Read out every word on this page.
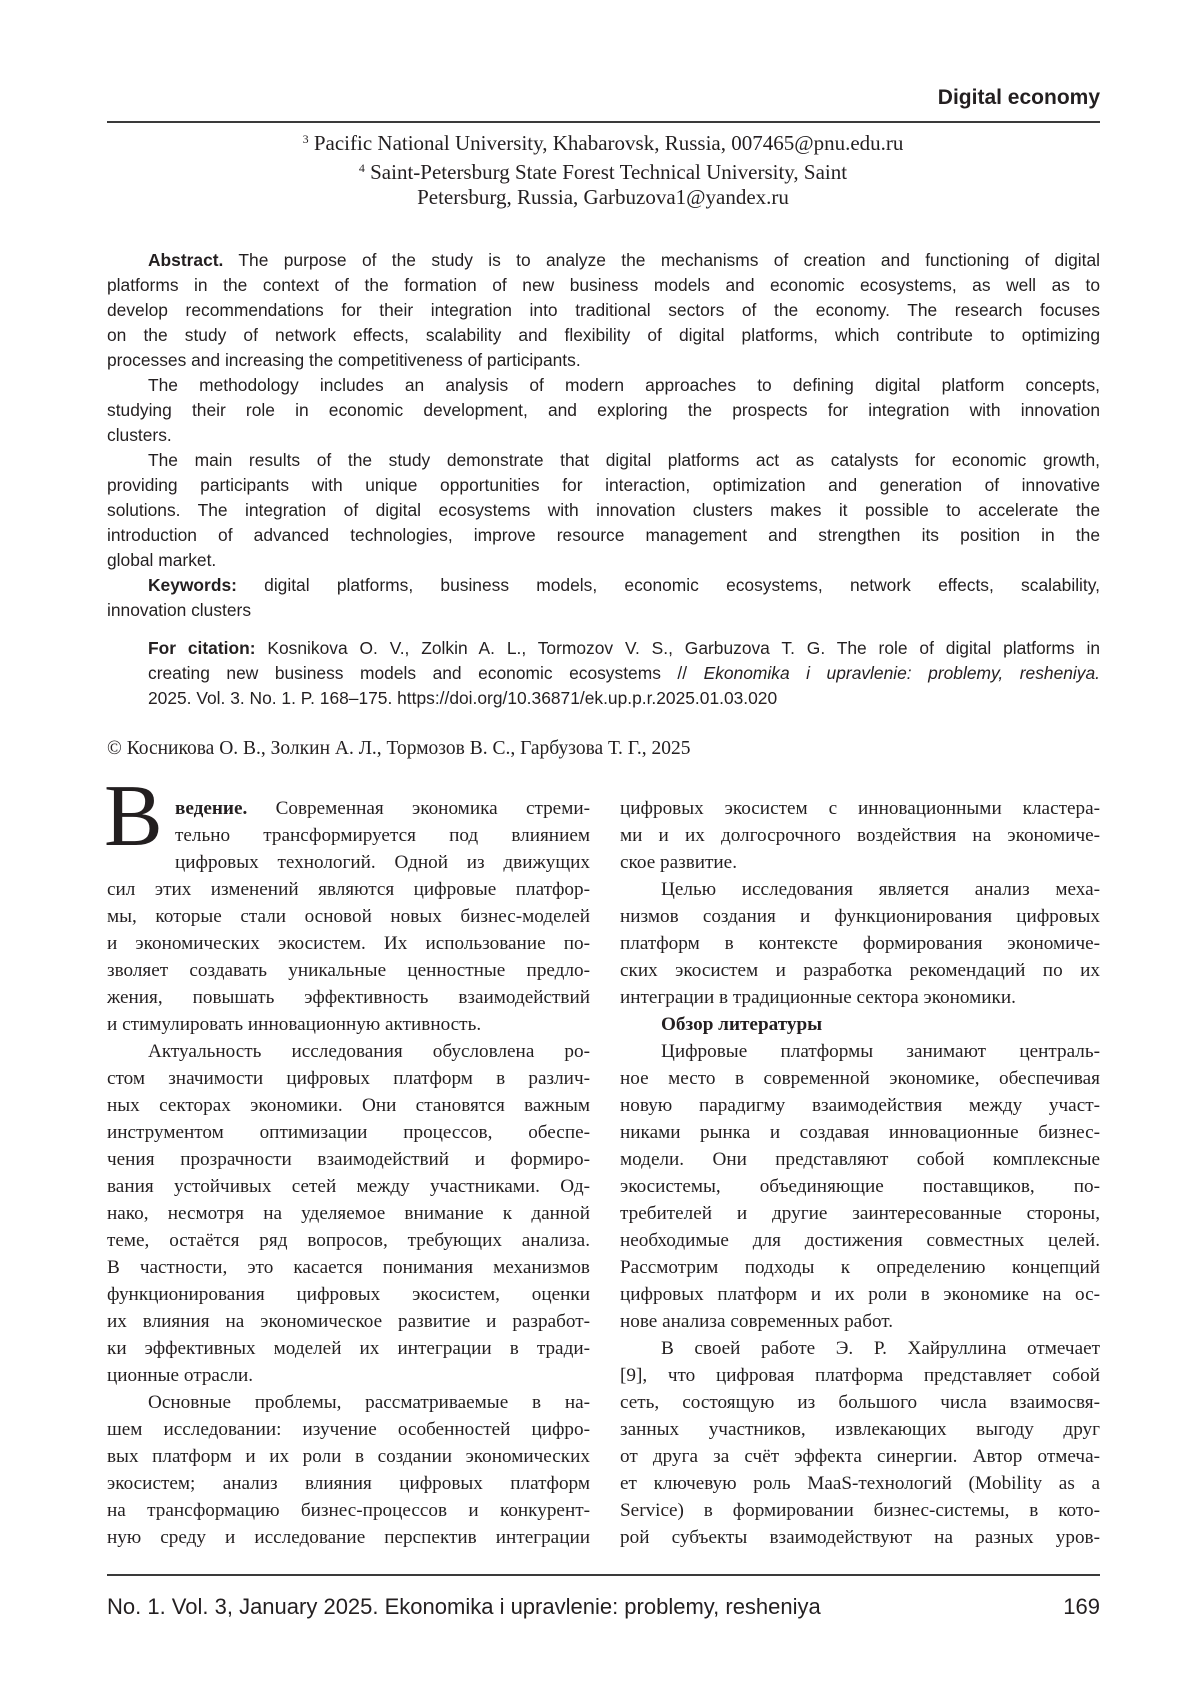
Digital economy
3 Pacific National University, Khabarovsk, Russia, 007465@pnu.edu.ru
4 Saint-Petersburg State Forest Technical University, Saint
Petersburg, Russia, Garbuzova1@yandex.ru
Abstract. The purpose of the study is to analyze the mechanisms of creation and functioning of digital
platforms in the context of the formation of new business models and economic ecosystems, as well as to
develop recommendations for their integration into traditional sectors of the economy. The research focuses
on the study of network effects, scalability and flexibility of digital platforms, which contribute to optimizing
processes and increasing the competitiveness of participants.
The methodology includes an analysis of modern approaches to defining digital platform concepts,
studying their role in economic development, and exploring the prospects for integration with innovation
clusters.
The main results of the study demonstrate that digital platforms act as catalysts for economic growth,
providing participants with unique opportunities for interaction, optimization and generation of innovative
solutions. The integration of digital ecosystems with innovation clusters makes it possible to accelerate the
introduction of advanced technologies, improve resource management and strengthen its position in the
global market.
Keywords: digital platforms, business models, economic ecosystems, network effects, scalability,
innovation clusters
For citation: Kosnikova O. V., Zolkin A. L., Tormozov V. S., Garbuzova T. G. The role of digital platforms in
creating new business models and economic ecosystems // Ekonomika i upravlenie: problemy, resheniya.
2025. Vol. 3. No. 1. P. 168–175. https://doi.org/10.36871/ek.up.p.r.2025.01.03.020
© Косникова О. В., Золкин А. Л., Тормозов В. С., Гарбузова Т. Г., 2025
В ведение. Современная экономика стреми-
тельно трансформируется под влиянием
цифровых технологий. Одной из движущих
сил этих изменений являются цифровые платфор-
мы, которые стали основой новых бизнес-моделей
и экономических экосистем. Их использование по-
зволяет создавать уникальные ценностные предло-
жения, повышать эффективность взаимодействий
и стимулировать инновационную активность.
Актуальность исследования обусловлена ро-
стом значимости цифровых платформ в различ-
ных секторах экономики. Они становятся важным
инструментом оптимизации процессов, обеспе-
чения прозрачности взаимодействий и формиро-
вания устойчивых сетей между участниками. Од-
нако, несмотря на уделяемое внимание к данной
теме, остаётся ряд вопросов, требующих анализа.
В частности, это касается понимания механизмов
функционирования цифровых экосистем, оценки
их влияния на экономическое развитие и разработ-
ки эффективных моделей их интеграции в тради-
ционные отрасли.
Основные проблемы, рассматриваемые в на-
шем исследовании: изучение особенностей цифро-
вых платформ и их роли в создании экономических
экосистем; анализ влияния цифровых платформ
на трансформацию бизнес-процессов и конкурент-
ную среду и исследование перспектив интеграции
цифровых экосистем с инновационными кластера-
ми и их долгосрочного воздействия на экономиче-
ское развитие.
Целью исследования является анализ меха-
низмов создания и функционирования цифровых
платформ в контексте формирования экономиче-
ских экосистем и разработка рекомендаций по их
интеграции в традиционные сектора экономики.
Обзор литературы
Цифровые платформы занимают централь-
ное место в современной экономике, обеспечивая
новую парадигму взаимодействия между участ-
никами рынка и создавая инновационные бизнес-
модели. Они представляют собой комплексные
экосистемы, объединяющие поставщиков, по-
требителей и другие заинтересованные стороны,
необходимые для достижения совместных целей.
Рассмотрим подходы к определению концепций
цифровых платформ и их роли в экономике на ос-
нове анализа современных работ.
В своей работе Э. Р. Хайруллина отмечает
[9], что цифровая платформа представляет собой
сеть, состоящую из большого числа взаимосвя-
занных участников, извлекающих выгоду друг
от друга за счёт эффекта синергии. Автор отмеча-
ет ключевую роль MaaS-технологий (Mobility as a
Service) в формировании бизнес-системы, в кото-
рой субъекты взаимодействуют на разных уров-
No. 1. Vol. 3, January 2025. Ekonomika i upravlenie: problemy, resheniya	169
